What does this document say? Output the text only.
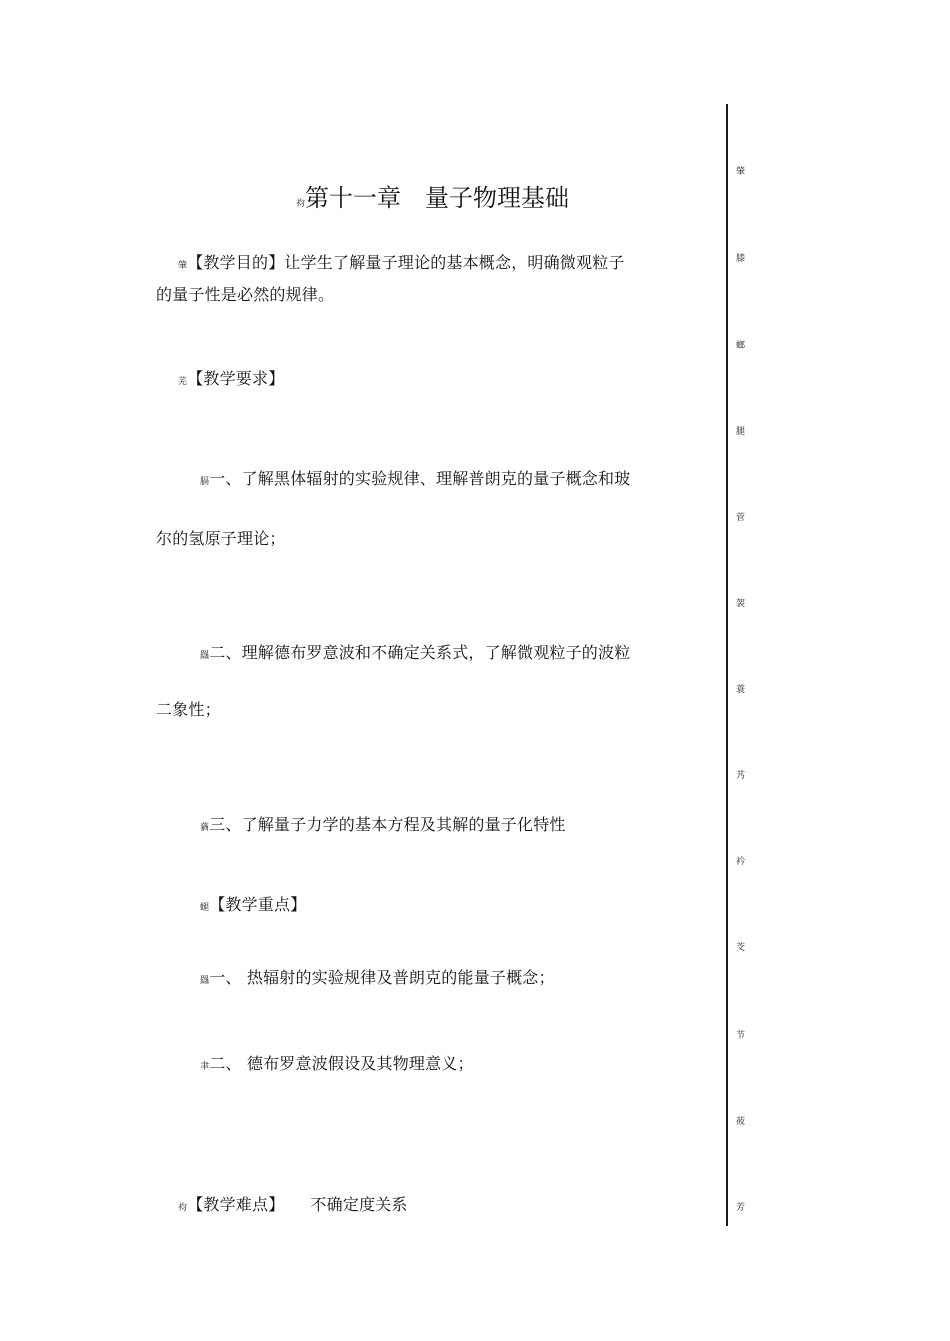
袀第十一章　量子物理基础
肇【教学目的】让学生了解量子理论的基本概念，明确微观粒子
的量子性是必然的规律。
芜【教学要求】
膈一、了解黑体辐射的实验规律、理解普朗克的量子概念和玻
尔的氢原子理论；
羉二、理解德布罗意波和不确定关系式，了解微观粒子的波粒
二象性；
蕕三、了解量子力学的基本方程及其解的量子化特性
螁【教学重点】
羉一、 热辐射的实验规律及普朗克的能量子概念；
聿二、 德布罗意波假设及其物理意义；
袀【教学难点】 不确定度关系
肇
膝
螂
腿
菅
袈
蓑
艿
衿
芠
节
莜
芳
